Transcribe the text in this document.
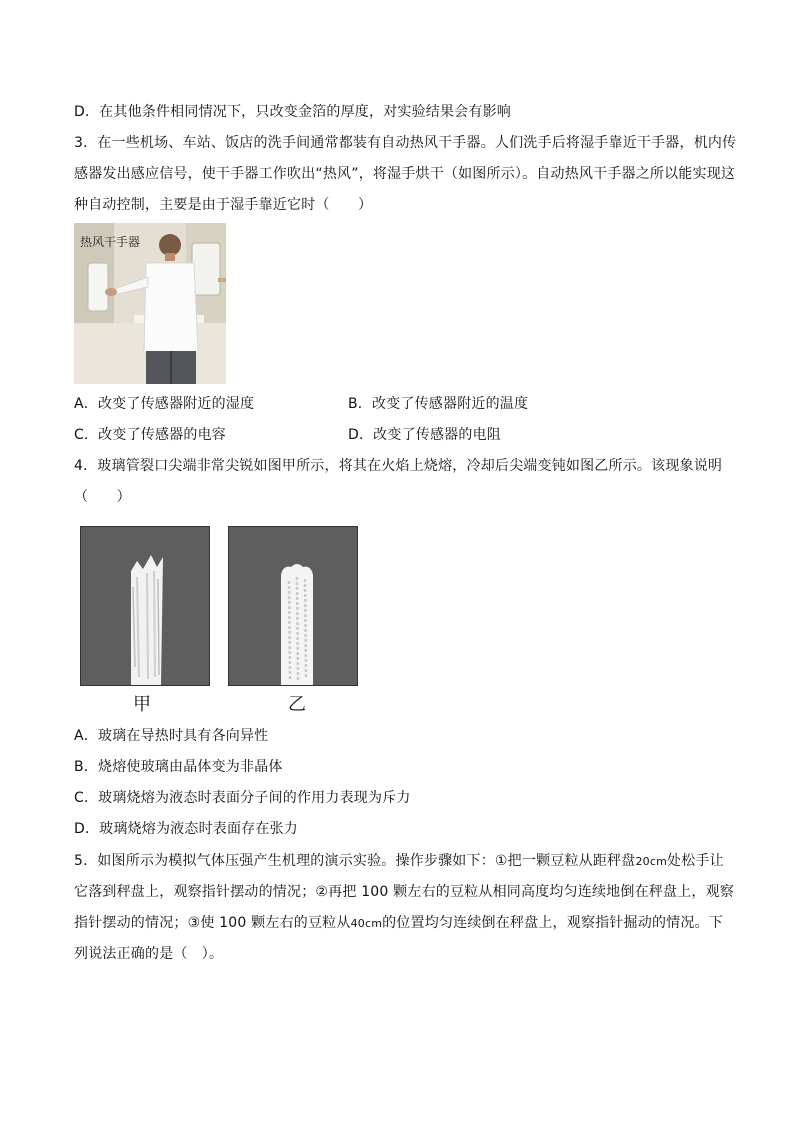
D．在其他条件相同情况下，只改变金箔的厚度，对实验结果会有影响
3．在一些机场、车站、饭店的洗手间通常都装有自动热风干手器。人们洗手后将湿手靠近干手器，机内传
感器发出感应信号，使干手器工作吹出“热风”，将湿手烘干（如图所示）。自动热风干手器之所以能实现这
种自动控制，主要是由于湿手靠近它时（　　）
热风干手器
A．改变了传感器附近的湿度	B．改变了传感器附近的温度
C．改变了传感器的电容	D．改变了传感器的电阻
4．玻璃管裂口尖端非常尖锐如图甲所示，将其在火焰上烧熔，冷却后尖端变钝如图乙所示。该现象说明
（　　）
甲	乙
A．玻璃在导热时具有各向异性
B．烧熔使玻璃由晶体变为非晶体
C．玻璃烧熔为液态时表面分子间的作用力表现为斥力
D．玻璃烧熔为液态时表面存在张力
5．如图所示为模拟气体压强产生机理的演示实验。操作步骤如下：①把一颗豆粒从距秤盘20cm处松手让
它落到秤盘上，观察指针摆动的情况；②再把 100 颗左右的豆粒从相同高度均匀连续地倒在秤盘上，观察
指针摆动的情况；③使 100 颗左右的豆粒从40cm的位置均匀连续倒在秤盘上，观察指针掘动的情况。下
列说法正确的是（　）。
